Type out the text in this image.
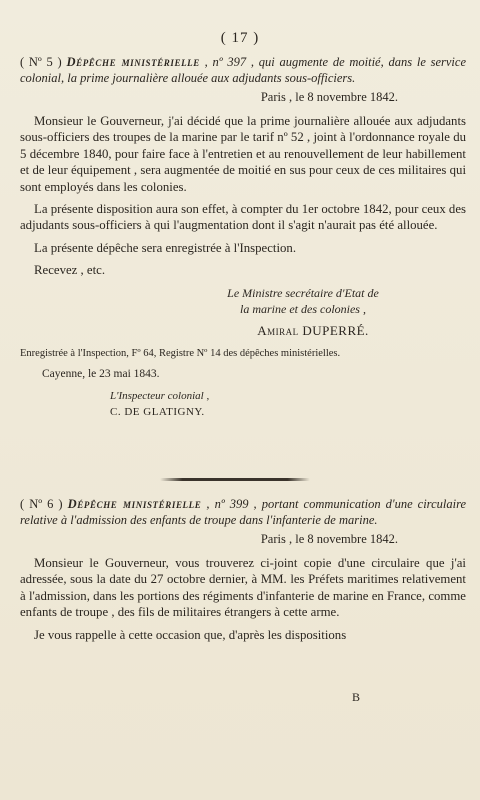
( 17 )
( Nº 5 ) Dépêche ministérielle , nº 397 , qui augmente de moitié, dans le service colonial, la prime journalière allouée aux adjudants sous-officiers.
Paris , le 8 novembre 1842.

Monsieur le Gouverneur, j'ai décidé que la prime journalière allouée aux adjudants sous-officiers des troupes de la marine par le tarif nº 52 , joint à l'ordonnance royale du 5 décembre 1840, pour faire face à l'entretien et au renouvellement de leur habillement et de leur équipement , sera augmentée de moitié en sus pour ceux de ces militaires qui sont employés dans les colonies.

La présente disposition aura son effet, à compter du 1er octobre 1842, pour ceux des adjudants sous-officiers à qui l'augmentation dont il s'agit n'aurait pas été allouée.

La présente dépêche sera enregistrée à l'Inspection.

Recevez , etc.

Le Ministre secrétaire d'Etat de
la marine et des colonies ,
Amiral DUPERRÉ.
Enregistrée à l'Inspection, Fº 64, Registre Nº 14 des dépêches ministérielles.
Cayenne, le 23 mai 1843.
L'Inspecteur colonial ,
C. DE GLATIGNY.
( Nº 6 ) Dépêche ministérielle , nº 399 , portant communication d'une circulaire relative à l'admission des enfants de troupe dans l'infanterie de marine.
Paris , le 8 novembre 1842.

Monsieur le Gouverneur, vous trouverez ci-joint copie d'une circulaire que j'ai adressée, sous la date du 27 octobre dernier, à MM. les Préfets maritimes relativement à l'admission, dans les portions des régiments d'infanterie de marine en France, comme enfants de troupe , des fils de militaires étrangers à cette arme.

Je vous rappelle à cette occasion que, d'après les dispositions

B
